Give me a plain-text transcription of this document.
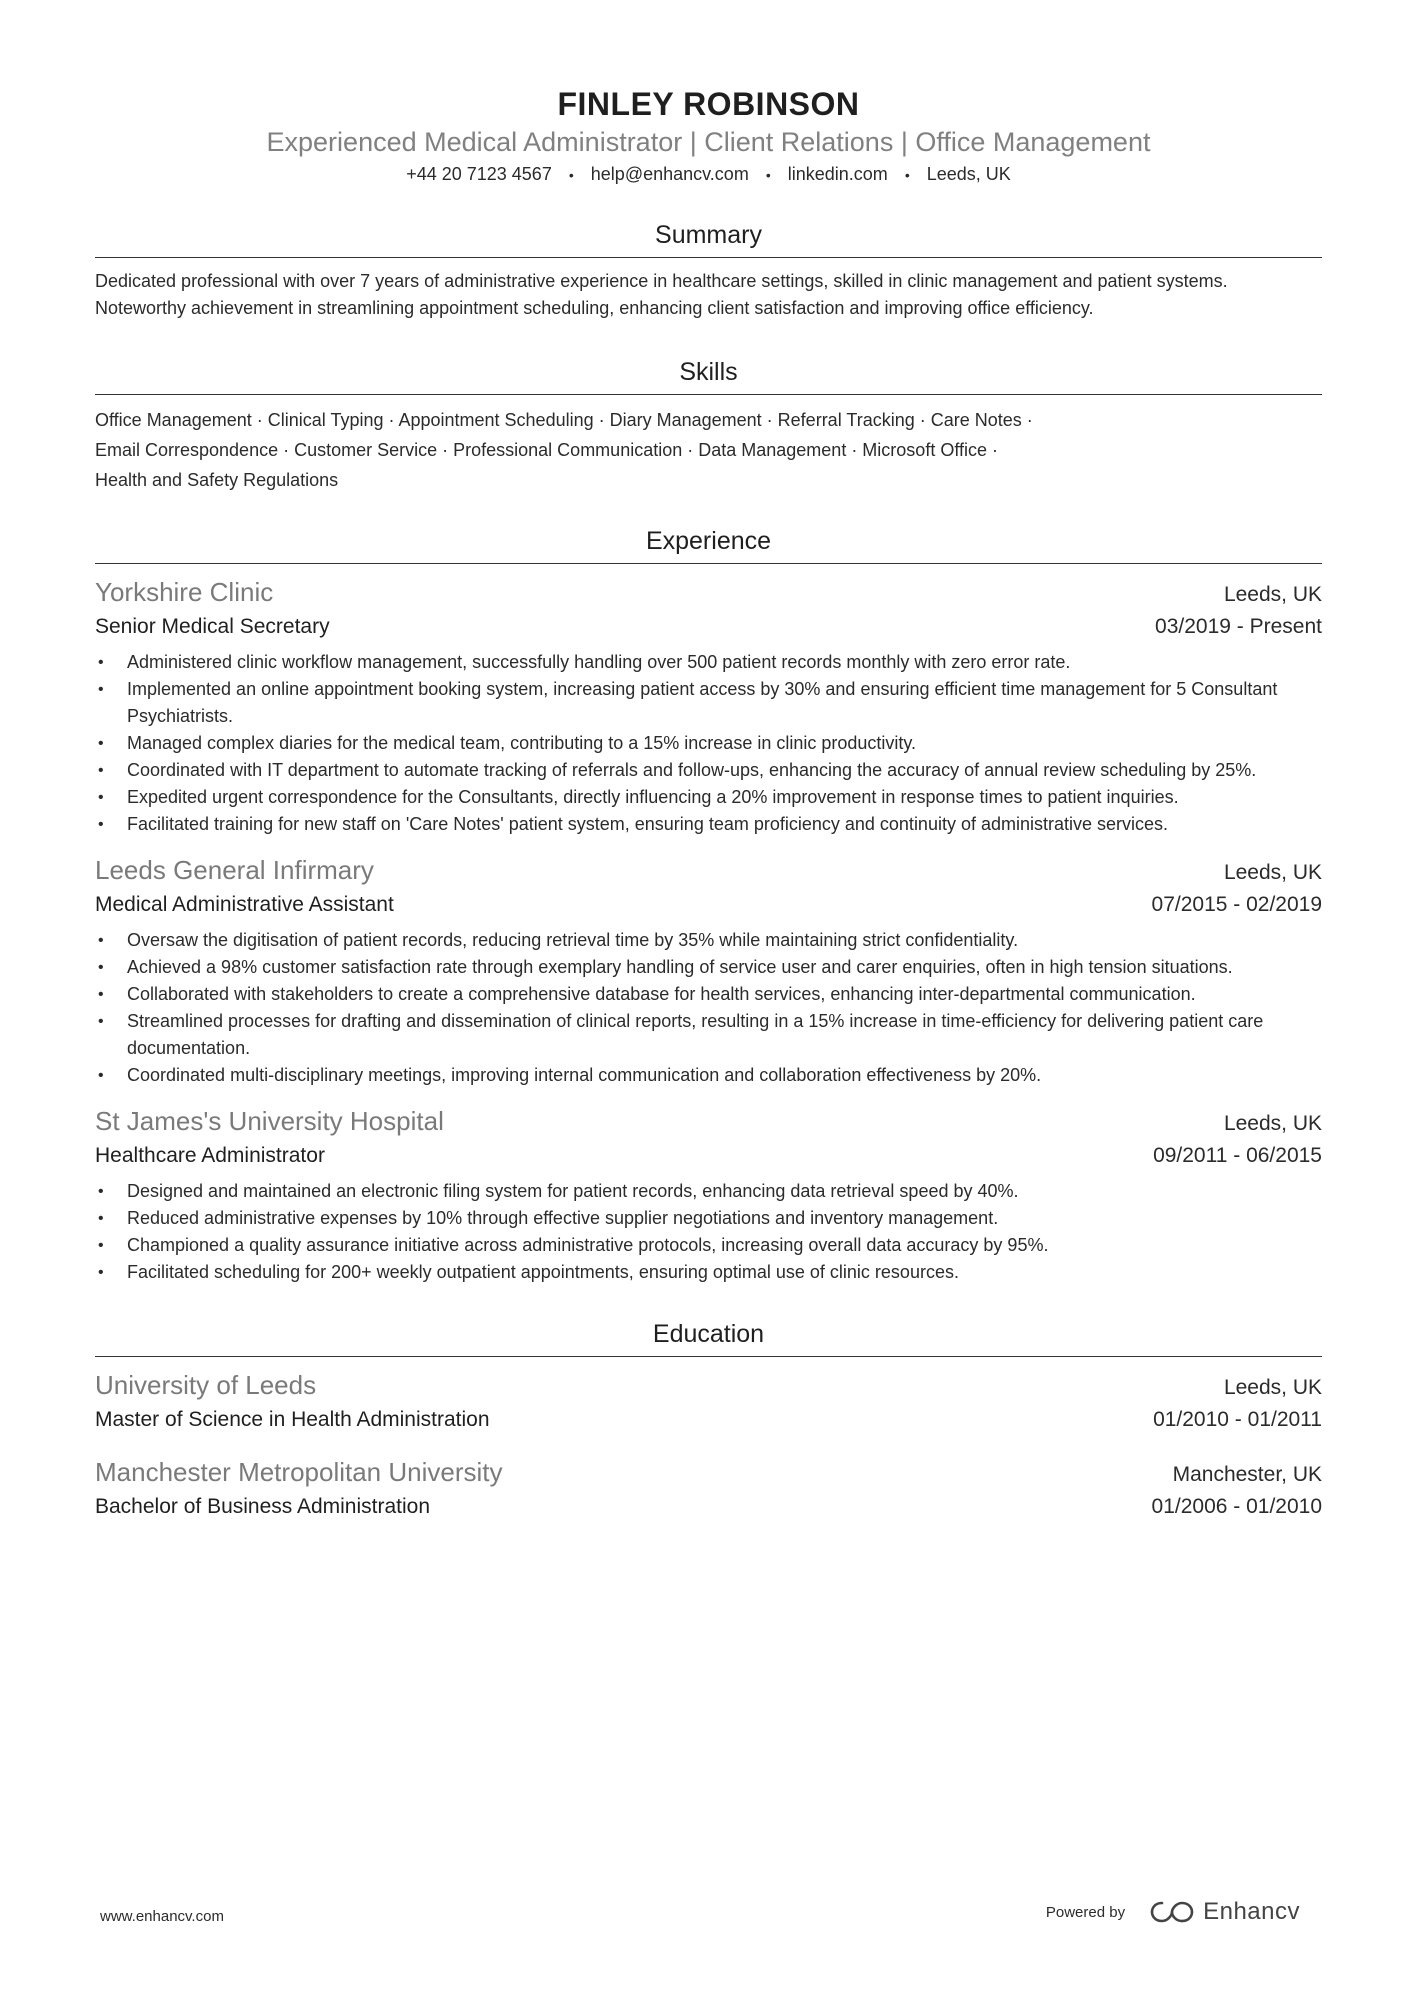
FINLEY ROBINSON
Experienced Medical Administrator | Client Relations | Office Management
+44 20 7123 4567 • help@enhancv.com • linkedin.com • Leeds, UK
Summary
Dedicated professional with over 7 years of administrative experience in healthcare settings, skilled in clinic management and patient systems. Noteworthy achievement in streamlining appointment scheduling, enhancing client satisfaction and improving office efficiency.
Skills
Office Management · Clinical Typing · Appointment Scheduling · Diary Management · Referral Tracking · Care Notes ·
Email Correspondence · Customer Service · Professional Communication · Data Management · Microsoft Office ·
Health and Safety Regulations
Experience
Yorkshire Clinic	Leeds, UK
Senior Medical Secretary	03/2019 - Present
• Administered clinic workflow management, successfully handling over 500 patient records monthly with zero error rate.
• Implemented an online appointment booking system, increasing patient access by 30% and ensuring efficient time management for 5 Consultant Psychiatrists.
• Managed complex diaries for the medical team, contributing to a 15% increase in clinic productivity.
• Coordinated with IT department to automate tracking of referrals and follow-ups, enhancing the accuracy of annual review scheduling by 25%.
• Expedited urgent correspondence for the Consultants, directly influencing a 20% improvement in response times to patient inquiries.
• Facilitated training for new staff on 'Care Notes' patient system, ensuring team proficiency and continuity of administrative services.
Leeds General Infirmary	Leeds, UK
Medical Administrative Assistant	07/2015 - 02/2019
• Oversaw the digitisation of patient records, reducing retrieval time by 35% while maintaining strict confidentiality.
• Achieved a 98% customer satisfaction rate through exemplary handling of service user and carer enquiries, often in high tension situations.
• Collaborated with stakeholders to create a comprehensive database for health services, enhancing inter-departmental communication.
• Streamlined processes for drafting and dissemination of clinical reports, resulting in a 15% increase in time-efficiency for delivering patient care documentation.
• Coordinated multi-disciplinary meetings, improving internal communication and collaboration effectiveness by 20%.
St James's University Hospital	Leeds, UK
Healthcare Administrator	09/2011 - 06/2015
• Designed and maintained an electronic filing system for patient records, enhancing data retrieval speed by 40%.
• Reduced administrative expenses by 10% through effective supplier negotiations and inventory management.
• Championed a quality assurance initiative across administrative protocols, increasing overall data accuracy by 95%.
• Facilitated scheduling for 200+ weekly outpatient appointments, ensuring optimal use of clinic resources.
Education
University of Leeds	Leeds, UK
Master of Science in Health Administration	01/2010 - 01/2011
Manchester Metropolitan University	Manchester, UK
Bachelor of Business Administration	01/2006 - 01/2010
www.enhancv.com	Powered by	Enhancv
